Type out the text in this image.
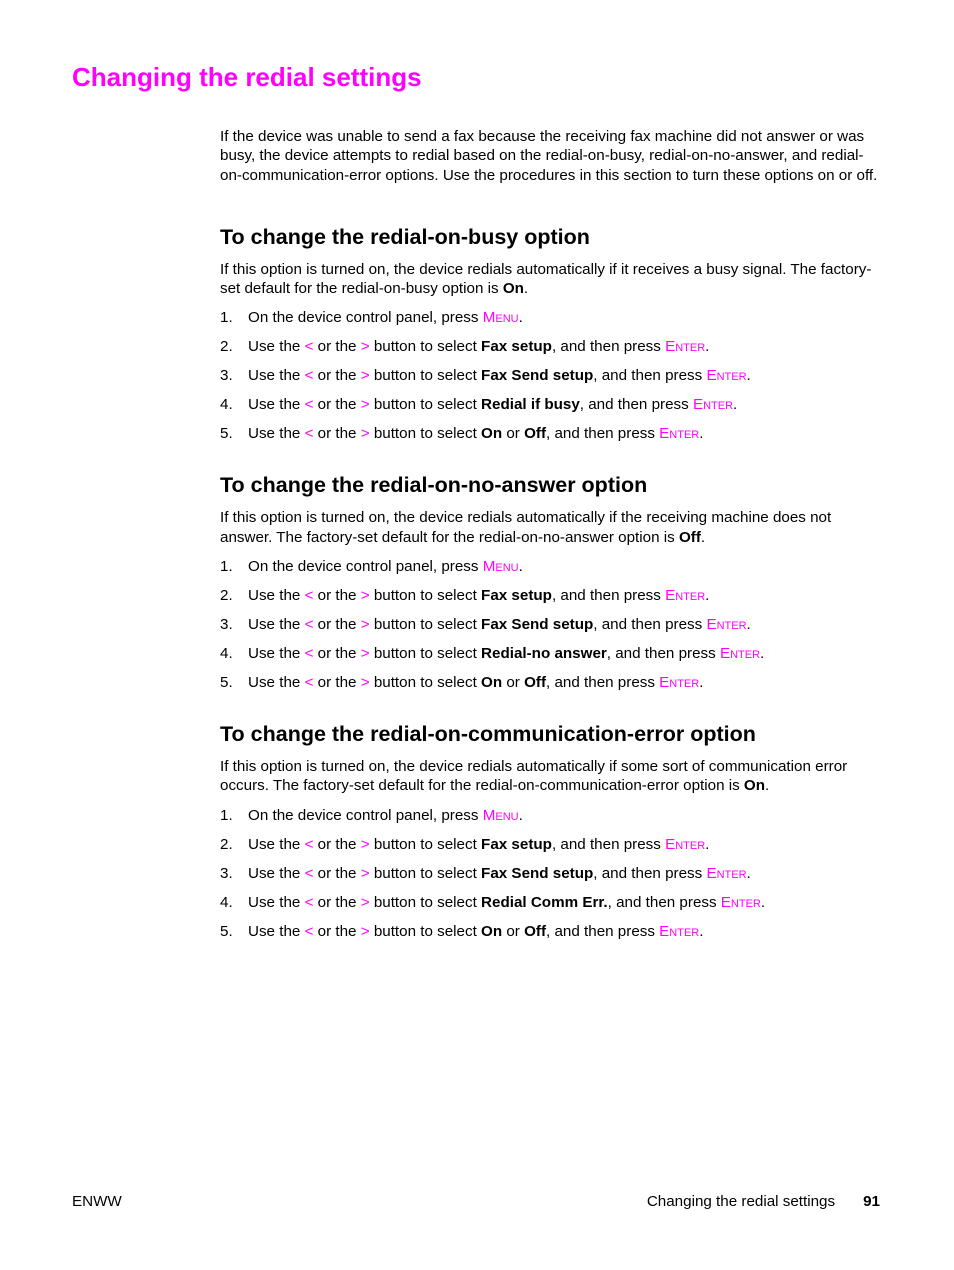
Changing the redial settings

If the device was unable to send a fax because the receiving fax machine did not answer or was busy, the device attempts to redial based on the redial-on-busy, redial-on-no-answer, and redial-on-communication-error options. Use the procedures in this section to turn these options on or off.

To change the redial-on-busy option

If this option is turned on, the device redials automatically if it receives a busy signal. The factory-set default for the redial-on-busy option is On.

1. On the device control panel, press Menu.
2. Use the < or the > button to select Fax setup, and then press Enter.
3. Use the < or the > button to select Fax Send setup, and then press Enter.
4. Use the < or the > button to select Redial if busy, and then press Enter.
5. Use the < or the > button to select On or Off, and then press Enter.
To change the redial-on-no-answer option

If this option is turned on, the device redials automatically if the receiving machine does not answer. The factory-set default for the redial-on-no-answer option is Off.

1. On the device control panel, press Menu.
2. Use the < or the > button to select Fax setup, and then press Enter.
3. Use the < or the > button to select Fax Send setup, and then press Enter.
4. Use the < or the > button to select Redial-no answer, and then press Enter.
5. Use the < or the > button to select On or Off, and then press Enter.
To change the redial-on-communication-error option

If this option is turned on, the device redials automatically if some sort of communication error occurs. The factory-set default for the redial-on-communication-error option is On.

1. On the device control panel, press Menu.
2. Use the < or the > button to select Fax setup, and then press Enter.
3. Use the < or the > button to select Fax Send setup, and then press Enter.
4. Use the < or the > button to select Redial Comm Err., and then press Enter.
5. Use the < or the > button to select On or Off, and then press Enter.
ENWW	Changing the redial settings 91
